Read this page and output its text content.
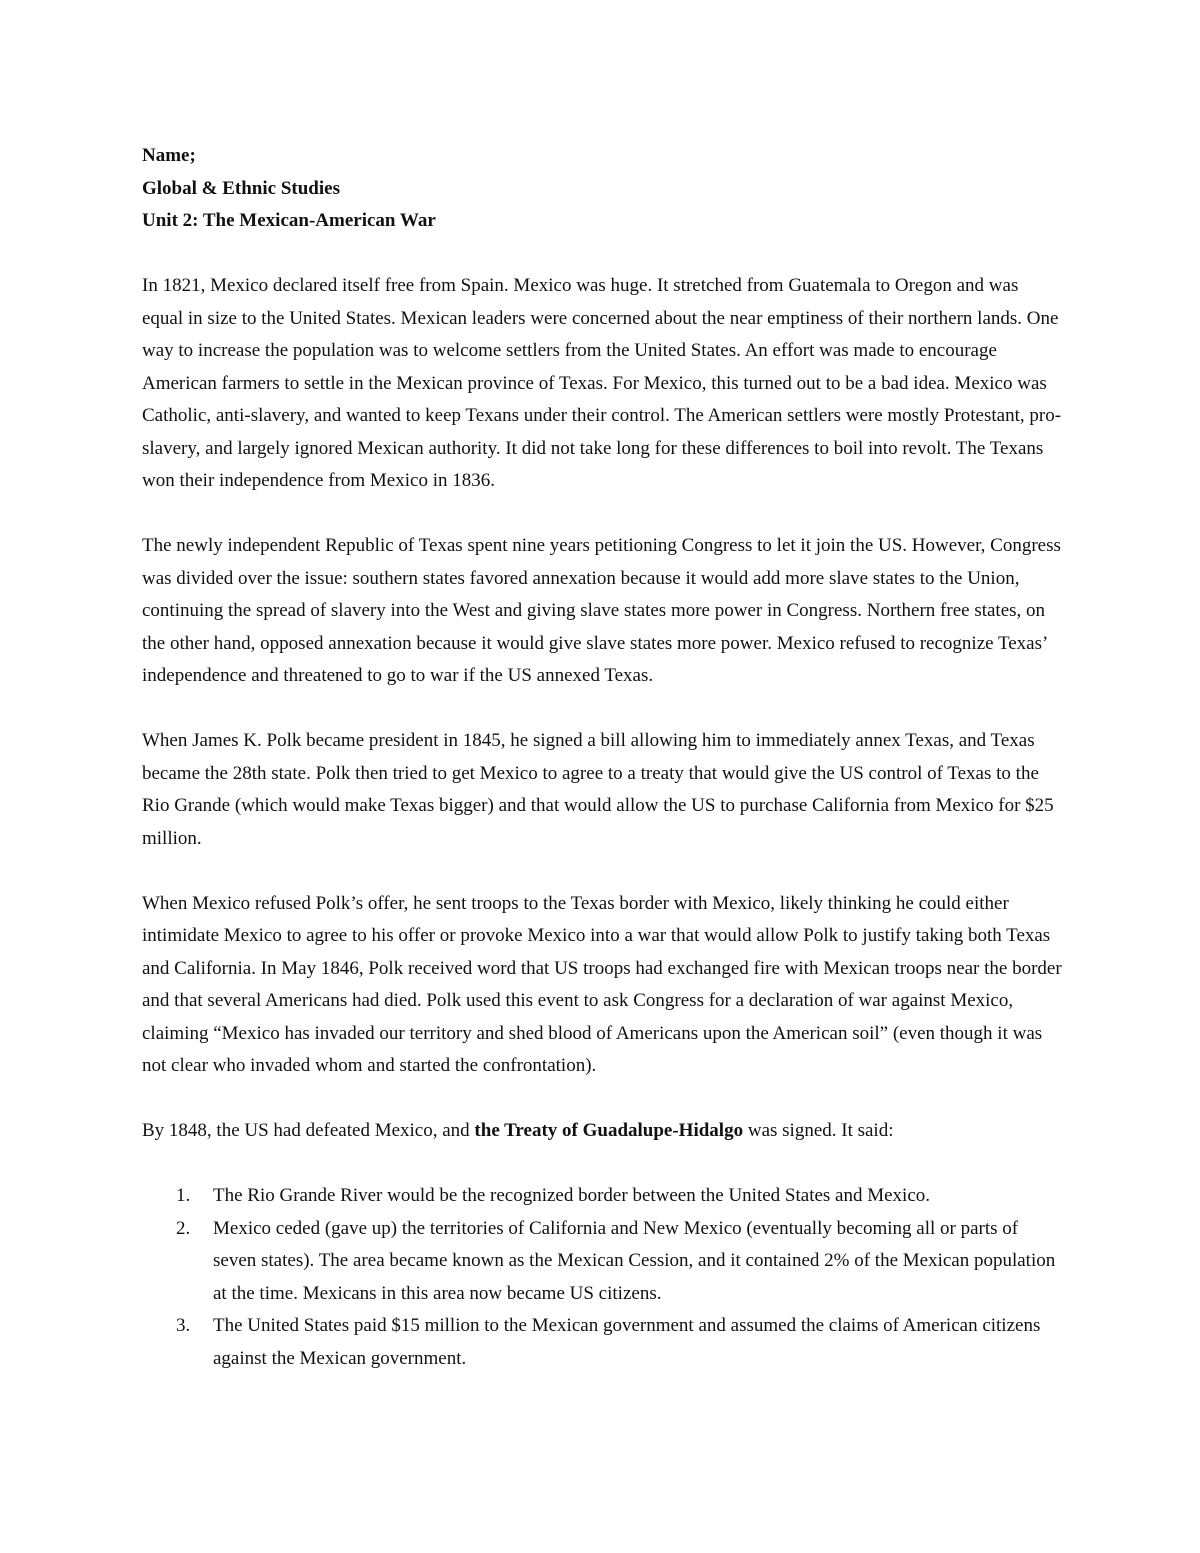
Name;
Global & Ethnic Studies
Unit 2: The Mexican-American War

In 1821, Mexico declared itself free from Spain. Mexico was huge. It stretched from Guatemala to Oregon and was equal in size to the United States. Mexican leaders were concerned about the near emptiness of their northern lands. One way to increase the population was to welcome settlers from the United States. An effort was made to encourage American farmers to settle in the Mexican province of Texas. For Mexico, this turned out to be a bad idea. Mexico was Catholic, anti-slavery, and wanted to keep Texans under their control. The American settlers were mostly Protestant, pro-slavery, and largely ignored Mexican authority. It did not take long for these differences to boil into revolt. The Texans won their independence from Mexico in 1836.

The newly independent Republic of Texas spent nine years petitioning Congress to let it join the US. However, Congress was divided over the issue: southern states favored annexation because it would add more slave states to the Union, continuing the spread of slavery into the West and giving slave states more power in Congress. Northern free states, on the other hand, opposed annexation because it would give slave states more power. Mexico refused to recognize Texas’ independence and threatened to go to war if the US annexed Texas.

When James K. Polk became president in 1845, he signed a bill allowing him to immediately annex Texas, and Texas became the 28th state. Polk then tried to get Mexico to agree to a treaty that would give the US control of Texas to the Rio Grande (which would make Texas bigger) and that would allow the US to purchase California from Mexico for $25 million.

When Mexico refused Polk’s offer, he sent troops to the Texas border with Mexico, likely thinking he could either intimidate Mexico to agree to his offer or provoke Mexico into a war that would allow Polk to justify taking both Texas and California. In May 1846, Polk received word that US troops had exchanged fire with Mexican troops near the border and that several Americans had died. Polk used this event to ask Congress for a declaration of war against Mexico, claiming “Mexico has invaded our territory and shed blood of Americans upon the American soil” (even though it was not clear who invaded whom and started the confrontation).

By 1848, the US had defeated Mexico, and the Treaty of Guadalupe-Hidalgo was signed. It said:

1. The Rio Grande River would be the recognized border between the United States and Mexico.
2. Mexico ceded (gave up) the territories of California and New Mexico (eventually becoming all or parts of seven states). The area became known as the Mexican Cession, and it contained 2% of the Mexican population at the time. Mexicans in this area now became US citizens.
3. The United States paid $15 million to the Mexican government and assumed the claims of American citizens against the Mexican government.
